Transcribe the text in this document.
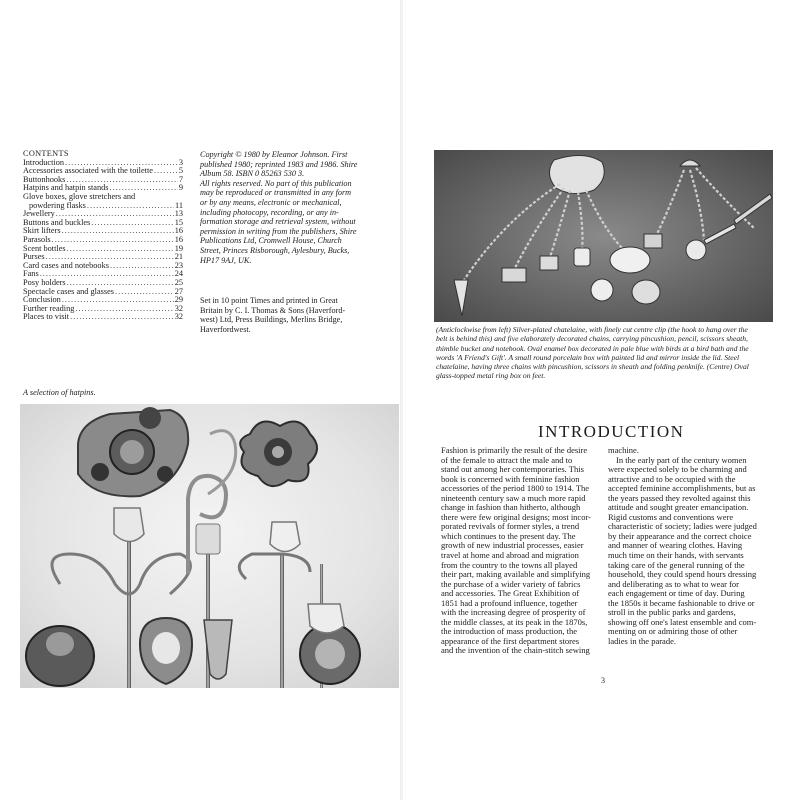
CONTENTS
Introduction .....	3
Accessories associated with the toilette .....	5
Buttonhooks .....	7
Hatpins and hatpin stands .....	9
Glove boxes, glove stretchers and
powdering flasks .....	11
Jewellery .....	13
Buttons and buckles .....	15
Skirt lifters .....	16
Parasols .....	16
Scent bottles .....	19
Purses .....	21
Card cases and notebooks .....	23
Fans .....	24
Posy holders .....	25
Spectacle cases and glasses .....	27
Conclusion .....	29
Further reading .....	32
Places to visit .....	32
Copyright © 1980 by Eleanor Johnson. First
published 1980; reprinted 1983 and 1986. Shire
Album 58. ISBN 0 85263 530 3.
All rights reserved. No part of this publication
may be reproduced or transmitted in any form
or by any means, electronic or mechanical,
including photocopy, recording, or any in-
formation storage and retrieval system, without
permission in writing from the publishers, Shire
Publications Ltd, Cromwell House, Church
Street, Princes Risborough, Aylesbury, Bucks,
HP17 9AJ, UK.
Set in 10 point Times and printed in Great
Britain by C. I. Thomas & Sons (Haverford-
west) Ltd, Press Buildings, Merlins Bridge,
Haverfordwest.
A selection of hatpins.
(Anticlockwise from left) Silver-plated chatelaine, with finely cut centre clip (the hook to hang over the
belt is behind this) and five elaborately decorated chains, carrying pincushion, pencil, scissors sheath,
thimble bucket and notebook. Oval enamel box decorated in pale blue with birds at a bird bath and the
words 'A Friend's Gift'. A small round porcelain box with painted lid and mirror inside the lid. Steel
chatelaine, having three chains with pincushion, scissors in sheath and folding penknife. (Centre) Oval
glass-topped metal ring box on feet.
INTRODUCTION
Fashion is primarily the result of the desire
of the female to attract the male and to
stand out among her contemporaries. This
book is concerned with feminine fashion
accessories of the period 1800 to 1914. The
nineteenth century saw a much more rapid
change in fashion than hitherto, although
there were few original designs; most incor-
porated revivals of former styles, a trend
which continues to the present day. The
growth of new industrial processes, easier
travel at home and abroad and migration
from the country to the towns all played
their part, making available and simplifying
the purchase of a wider variety of fabrics
and accessories. The Great Exhibition of
1851 had a profound influence, together
with the increasing degree of prosperity of
the middle classes, at its peak in the 1870s,
the introduction of mass production, the
appearance of the first department stores
and the invention of the chain-stitch sewing
machine.
In the early part of the century women
were expected solely to be charming and
attractive and to be occupied with the
accepted feminine accomplishments, but as
the years passed they revolted against this
attitude and sought greater emancipation.
Rigid customs and conventions were
characteristic of society; ladies were judged
by their appearance and the correct choice
and manner of wearing clothes. Having
much time on their hands, with servants
taking care of the general running of the
household, they could spend hours dressing
and deliberating as to what to wear for
each engagement or time of day. During
the 1850s it became fashionable to drive or
stroll in the public parks and gardens,
showing off one's latest ensemble and com-
menting on or admiring those of other
ladies in the parade.
3
